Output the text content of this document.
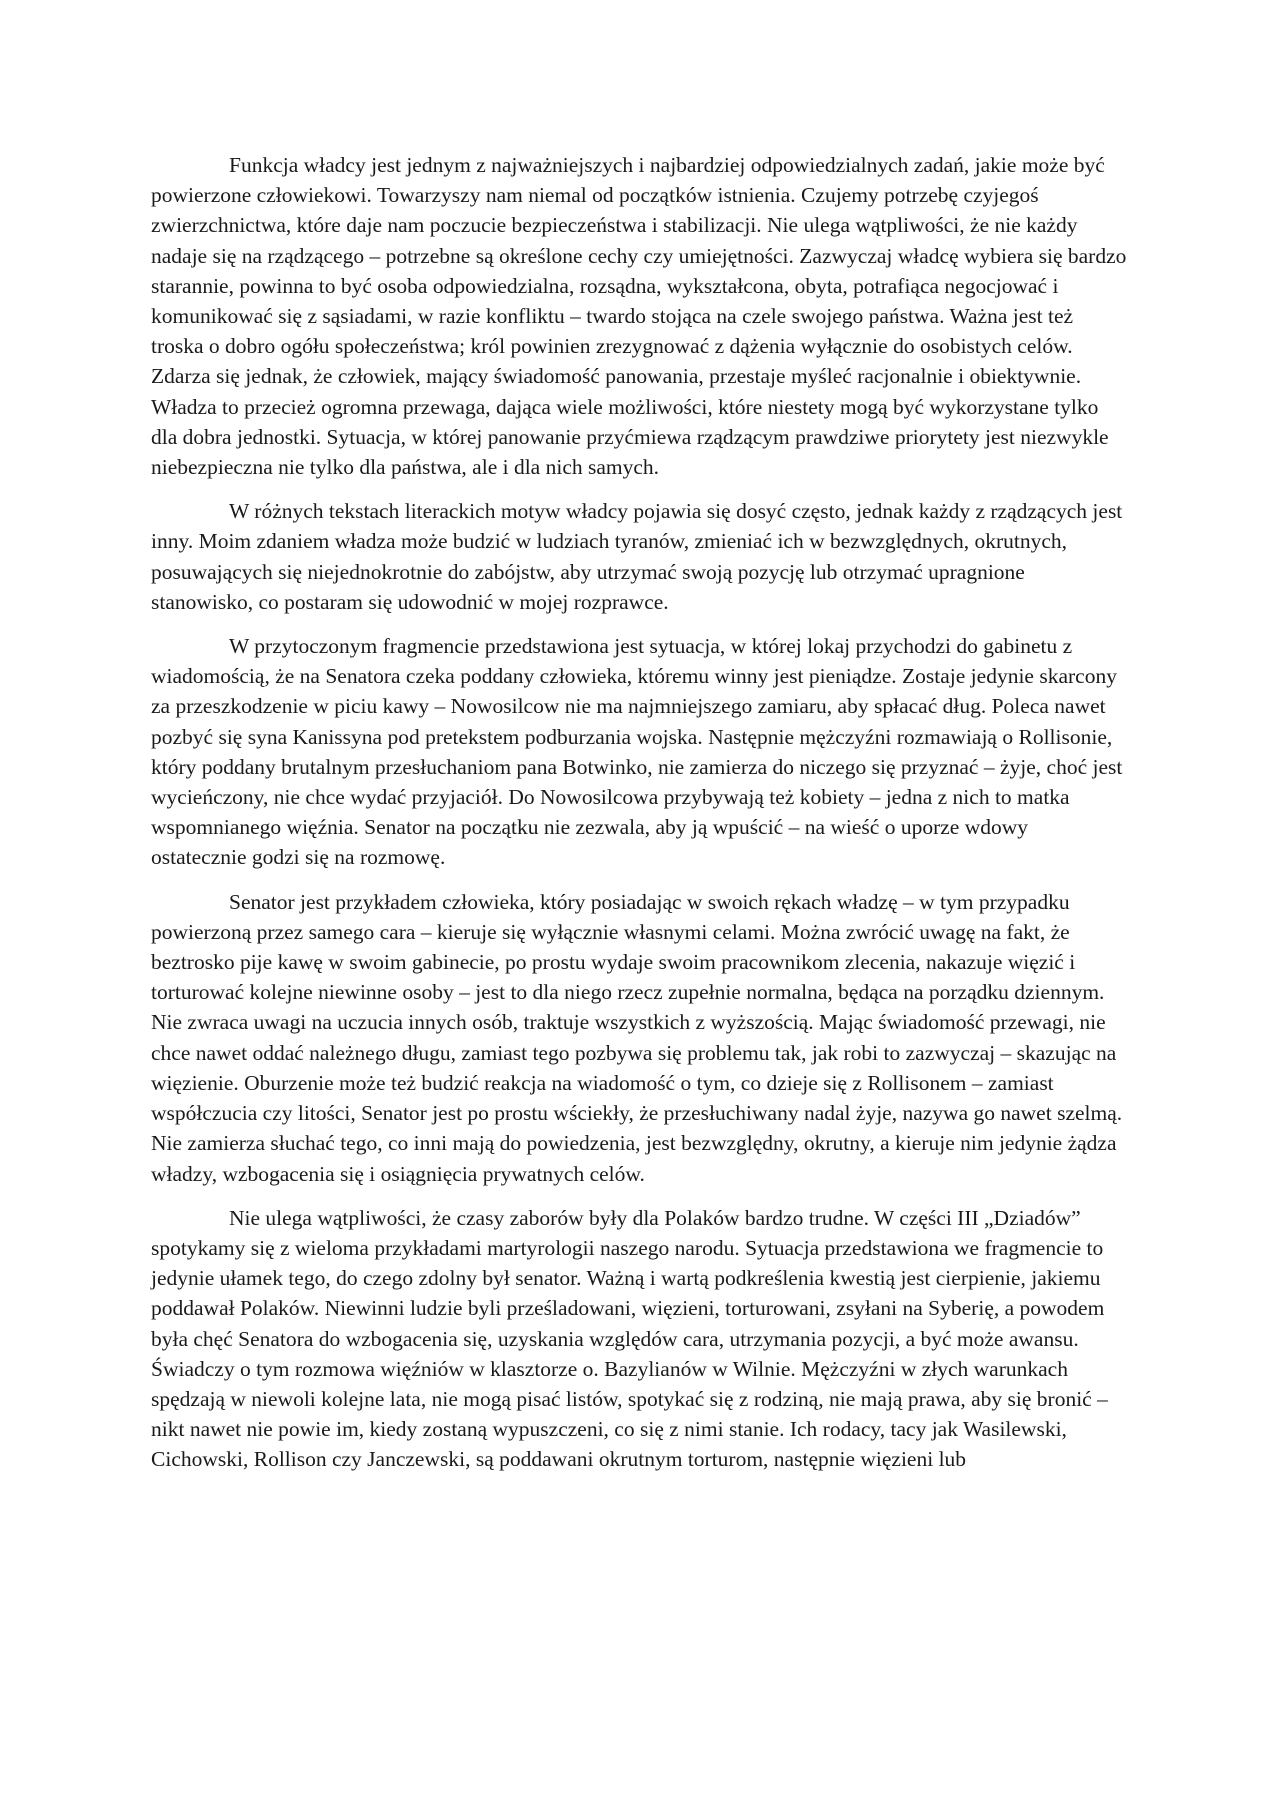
Funkcja władcy jest jednym z najważniejszych i najbardziej odpowiedzialnych zadań, jakie może być powierzone człowiekowi. Towarzyszy nam niemal od początków istnienia. Czujemy potrzebę czyjegoś zwierzchnictwa, które daje nam poczucie bezpieczeństwa i stabilizacji. Nie ulega wątpliwości, że nie każdy nadaje się na rządzącego – potrzebne są określone cechy czy umiejętności. Zazwyczaj władcę wybiera się bardzo starannie, powinna to być osoba odpowiedzialna, rozsądna, wykształcona, obyta, potrafiąca negocjować i komunikować się z sąsiadami, w razie konfliktu – twardo stojąca na czele swojego państwa. Ważna jest też troska o dobro ogółu społeczeństwa; król powinien zrezygnować z dążenia wyłącznie do osobistych celów. Zdarza się jednak, że człowiek, mający świadomość panowania, przestaje myśleć racjonalnie i obiektywnie. Władza to przecież ogromna przewaga, dająca wiele możliwości, które niestety mogą być wykorzystane tylko dla dobra jednostki. Sytuacja, w której panowanie przyćmiewa rządzącym prawdziwe priorytety jest niezwykle niebezpieczna nie tylko dla państwa, ale i dla nich samych.

W różnych tekstach literackich motyw władcy pojawia się dosyć często, jednak każdy z rządzących jest inny. Moim zdaniem władza może budzić w ludziach tyranów, zmieniać ich w bezwzględnych, okrutnych, posuwających się niejednokrotnie do zabójstw, aby utrzymać swoją pozycję lub otrzymać upragnione stanowisko, co postaram się udowodnić w mojej rozprawce.

W przytoczonym fragmencie przedstawiona jest sytuacja, w której lokaj przychodzi do gabinetu z wiadomością, że na Senatora czeka poddany człowieka, któremu winny jest pieniądze. Zostaje jedynie skarcony za przeszkodzenie w piciu kawy – Nowosilcow nie ma najmniejszego zamiaru, aby spłacać dług. Poleca nawet pozbyć się syna Kanissyna pod pretekstem podburzania wojska. Następnie mężczyźni rozmawiają o Rollisonie, który poddany brutalnym przesłuchaniom pana Botwinko, nie zamierza do niczego się przyznać – żyje, choć jest wycieńczony, nie chce wydać przyjaciół. Do Nowosilcowa przybywają też kobiety – jedna z nich to matka wspomnianego więźnia. Senator na początku nie zezwala, aby ją wpuścić – na wieść o uporze wdowy ostatecznie godzi się na rozmowę.

Senator jest przykładem człowieka, który posiadając w swoich rękach władzę – w tym przypadku powierzoną przez samego cara – kieruje się wyłącznie własnymi celami. Można zwrócić uwagę na fakt, że beztrosko pije kawę w swoim gabinecie, po prostu wydaje swoim pracownikom zlecenia, nakazuje więzić i torturować kolejne niewinne osoby – jest to dla niego rzecz zupełnie normalna, będąca na porządku dziennym. Nie zwraca uwagi na uczucia innych osób, traktuje wszystkich z wyższością. Mając świadomość przewagi, nie chce nawet oddać należnego długu, zamiast tego pozbywa się problemu tak, jak robi to zazwyczaj – skazując na więzienie. Oburzenie może też budzić reakcja na wiadomość o tym, co dzieje się z Rollisonem – zamiast współczucia czy litości, Senator jest po prostu wściekły, że przesłuchiwany nadal żyje, nazywa go nawet szelmą. Nie zamierza słuchać tego, co inni mają do powiedzenia, jest bezwzględny, okrutny, a kieruje nim jedynie żądza władzy, wzbogacenia się i osiągnięcia prywatnych celów.

Nie ulega wątpliwości, że czasy zaborów były dla Polaków bardzo trudne. W części III „Dziadów” spotykamy się z wieloma przykładami martyrologii naszego narodu. Sytuacja przedstawiona we fragmencie to jedynie ułamek tego, do czego zdolny był senator. Ważną i wartą podkreślenia kwestią jest cierpienie, jakiemu poddawał Polaków. Niewinni ludzie byli prześladowani, więzieni, torturowani, zsyłani na Syberię, a powodem była chęć Senatora do wzbogacenia się, uzyskania względów cara, utrzymania pozycji, a być może awansu. Świadczy o tym rozmowa więźniów w klasztorze o. Bazylianów w Wilnie. Mężczyźni w złych warunkach spędzają w niewoli kolejne lata, nie mogą pisać listów, spotykać się z rodziną, nie mają prawa, aby się bronić – nikt nawet nie powie im, kiedy zostaną wypuszczeni, co się z nimi stanie. Ich rodacy, tacy jak Wasilewski, Cichowski, Rollison czy Janczewski, są poddawani okrutnym torturom, następnie więzieni lub
